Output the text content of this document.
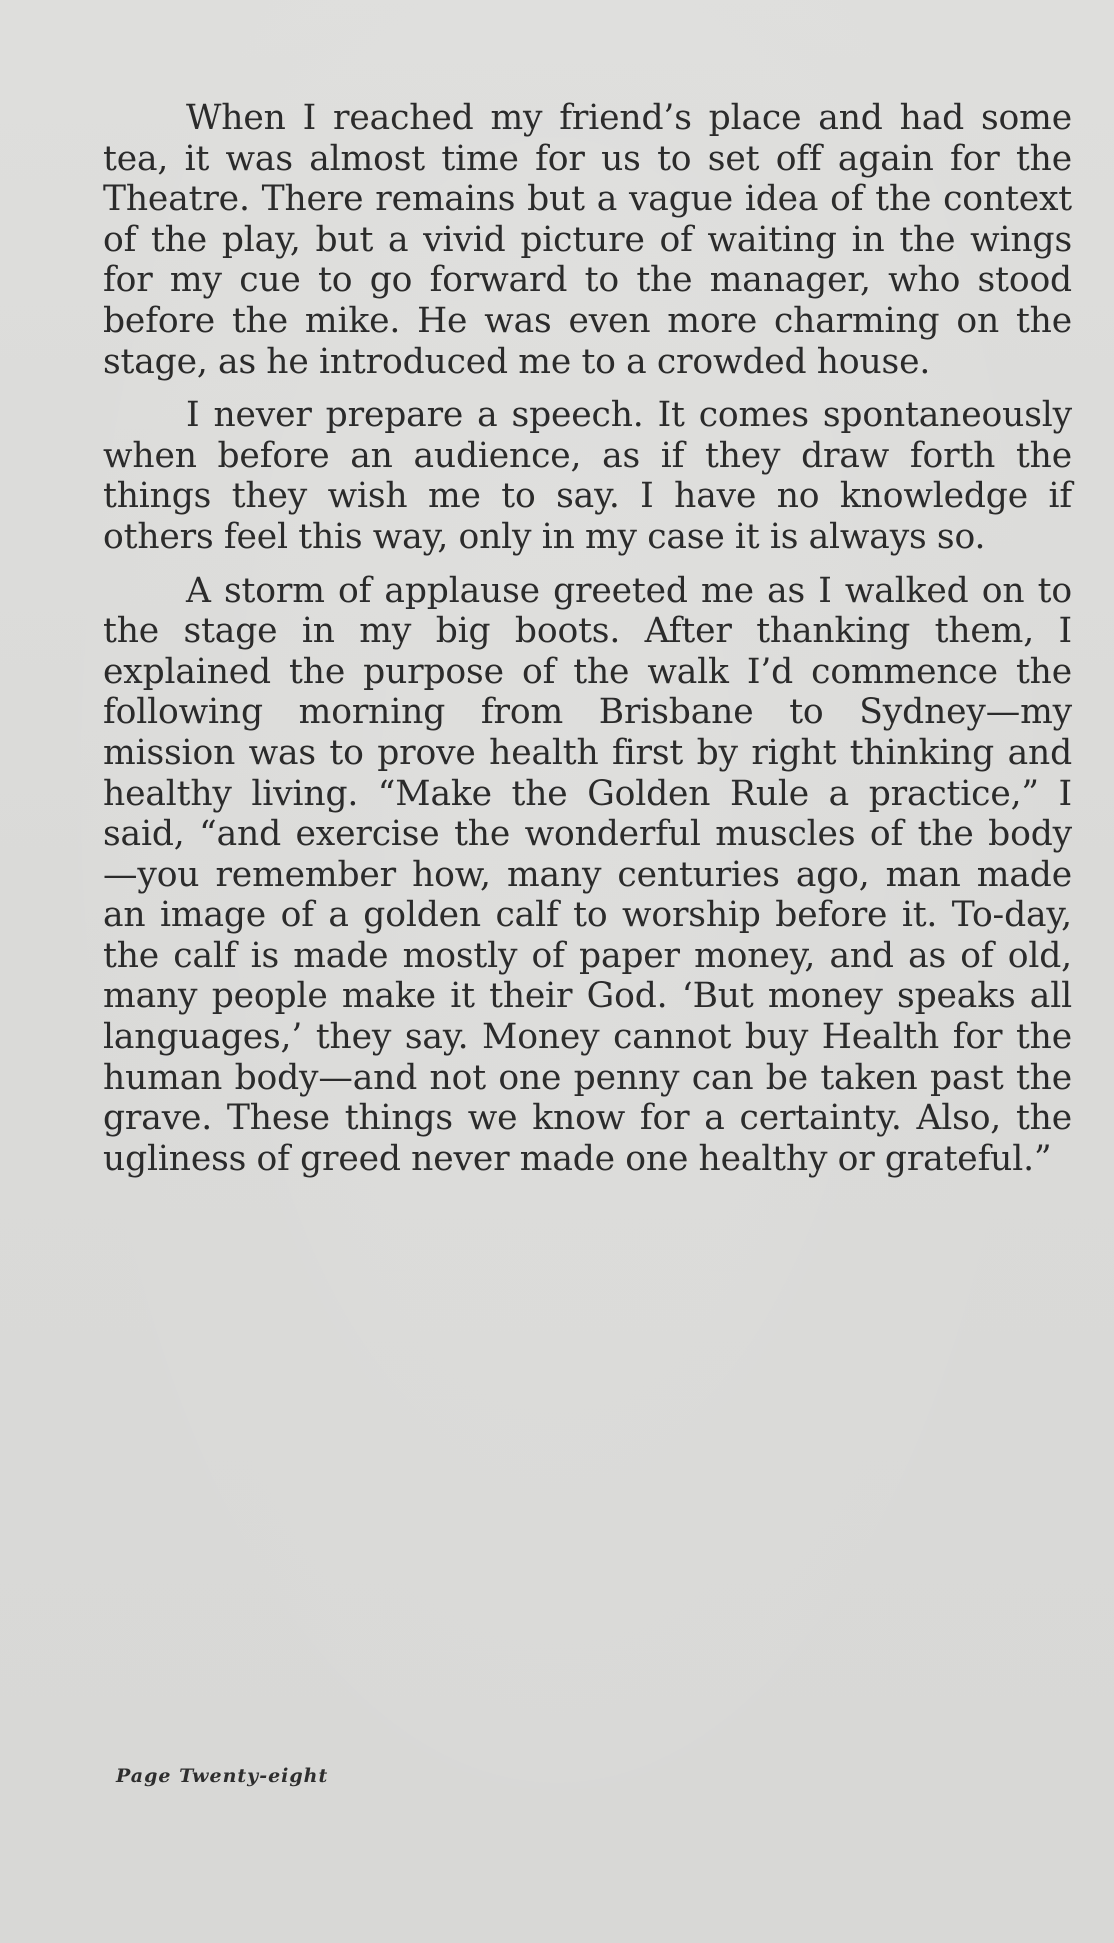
When I reached my friend’s place and had some tea, it was almost time for us to set off again for the Theatre. There remains but a vague idea of the context of the play, but a vivid picture of waiting in the wings for my cue to go forward to the manager, who stood before the mike. He was even more charming on the stage, as he introduced me to a crowded house.

I never prepare a speech. It comes spontaneously when before an audience, as if they draw forth the things they wish me to say. I have no knowledge if others feel this way, only in my case it is always so.

A storm of applause greeted me as I walked on to the stage in my big boots. After thanking them, I explained the purpose of the walk I’d commence the following morning from Brisbane to Sydney—my mission was to prove health first by right thinking and healthy living. “Make the Golden Rule a practice,” I said, “and exercise the wonderful muscles of the body—you remember how, many centuries ago, man made an image of a golden calf to worship before it. To-day, the calf is made mostly of paper money, and as of old, many people make it their God. ‘But money speaks all languages,’ they say. Money cannot buy Health for the human body—and not one penny can be taken past the grave. These things we know for a certainty. Also, the ugliness of greed never made one healthy or grateful.”

Page Twenty-eight
